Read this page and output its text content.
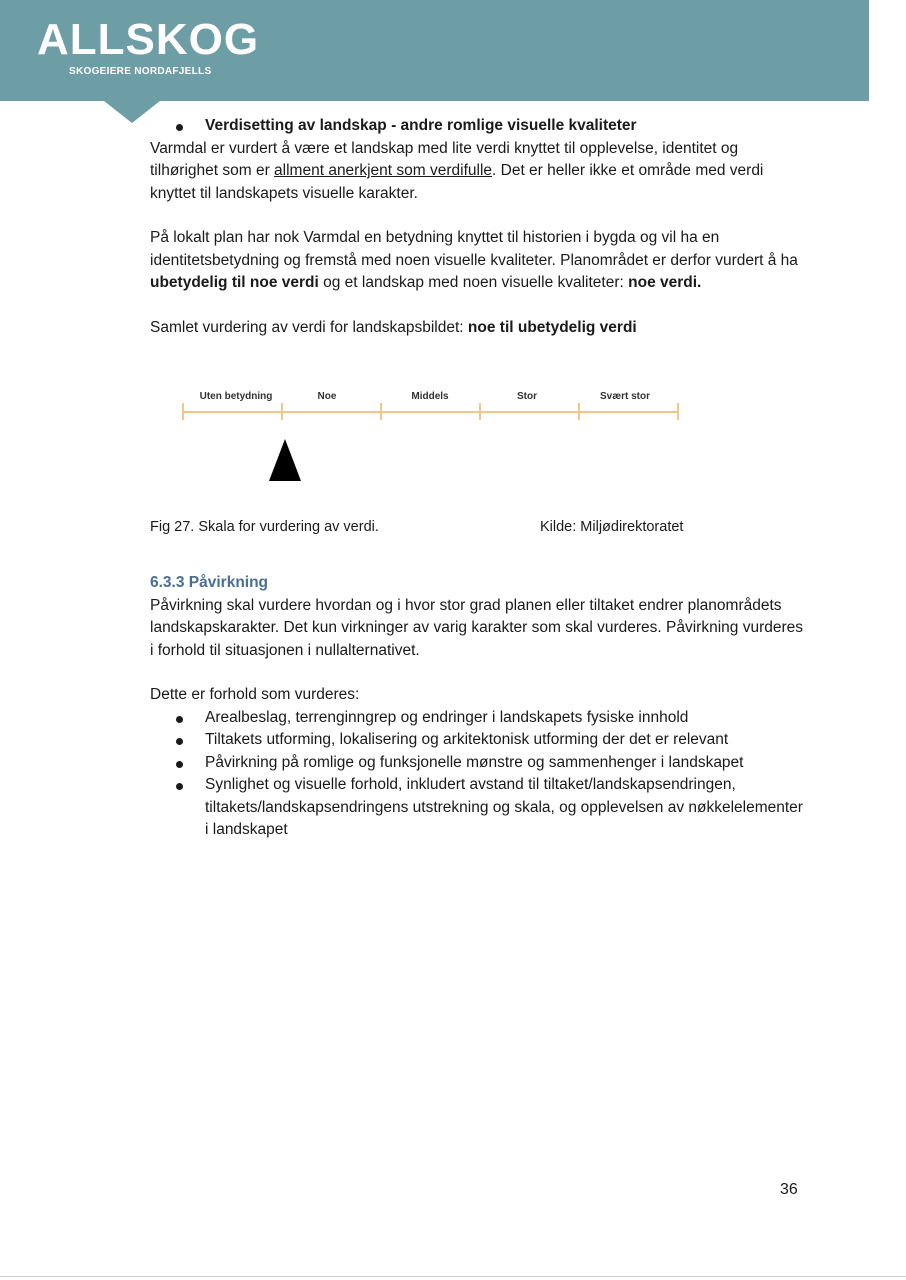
ALLSKOG
SKOGEIERE NORDAFJELLS
Verdisetting av landskap - andre romlige visuelle kvaliteter

Varmdal er vurdert å være et landskap med lite verdi knyttet til opplevelse, identitet og tilhørighet som er allment anerkjent som verdifulle. Det er heller ikke et område med verdi knyttet til landskapets visuelle karakter.

På lokalt plan har nok Varmdal en betydning knyttet til historien i bygda og vil ha en identitetsbetydning og fremstå med noen visuelle kvaliteter. Planområdet er derfor vurdert å ha ubetydelig til noe verdi og et landskap med noen visuelle kvaliteter: noe verdi.

Samlet vurdering av verdi for landskapsbildet: noe til ubetydelig verdi

Uten betydning	Noe	Middels	Stor	Svært stor
Fig 27. Skala for vurdering av verdi.	Kilde: Miljødirektoratet

6.3.3 Påvirkning

Påvirkning skal vurdere hvordan og i hvor stor grad planen eller tiltaket endrer planområdets landskapskarakter. Det kun virkninger av varig karakter som skal vurderes. Påvirkning vurderes i forhold til situasjonen i nullalternativet.

Dette er forhold som vurderes:

Arealbeslag, terrenginngrep og endringer i landskapets fysiske innhold
Tiltakets utforming, lokalisering og arkitektonisk utforming der det er relevant
Påvirkning på romlige og funksjonelle mønstre og sammenhenger i landskapet
Synlighet og visuelle forhold, inkludert avstand til tiltaket/landskapsendringen, tiltakets/landskapsendringens utstrekning og skala, og opplevelsen av nøkkelelementer i landskapet
36
